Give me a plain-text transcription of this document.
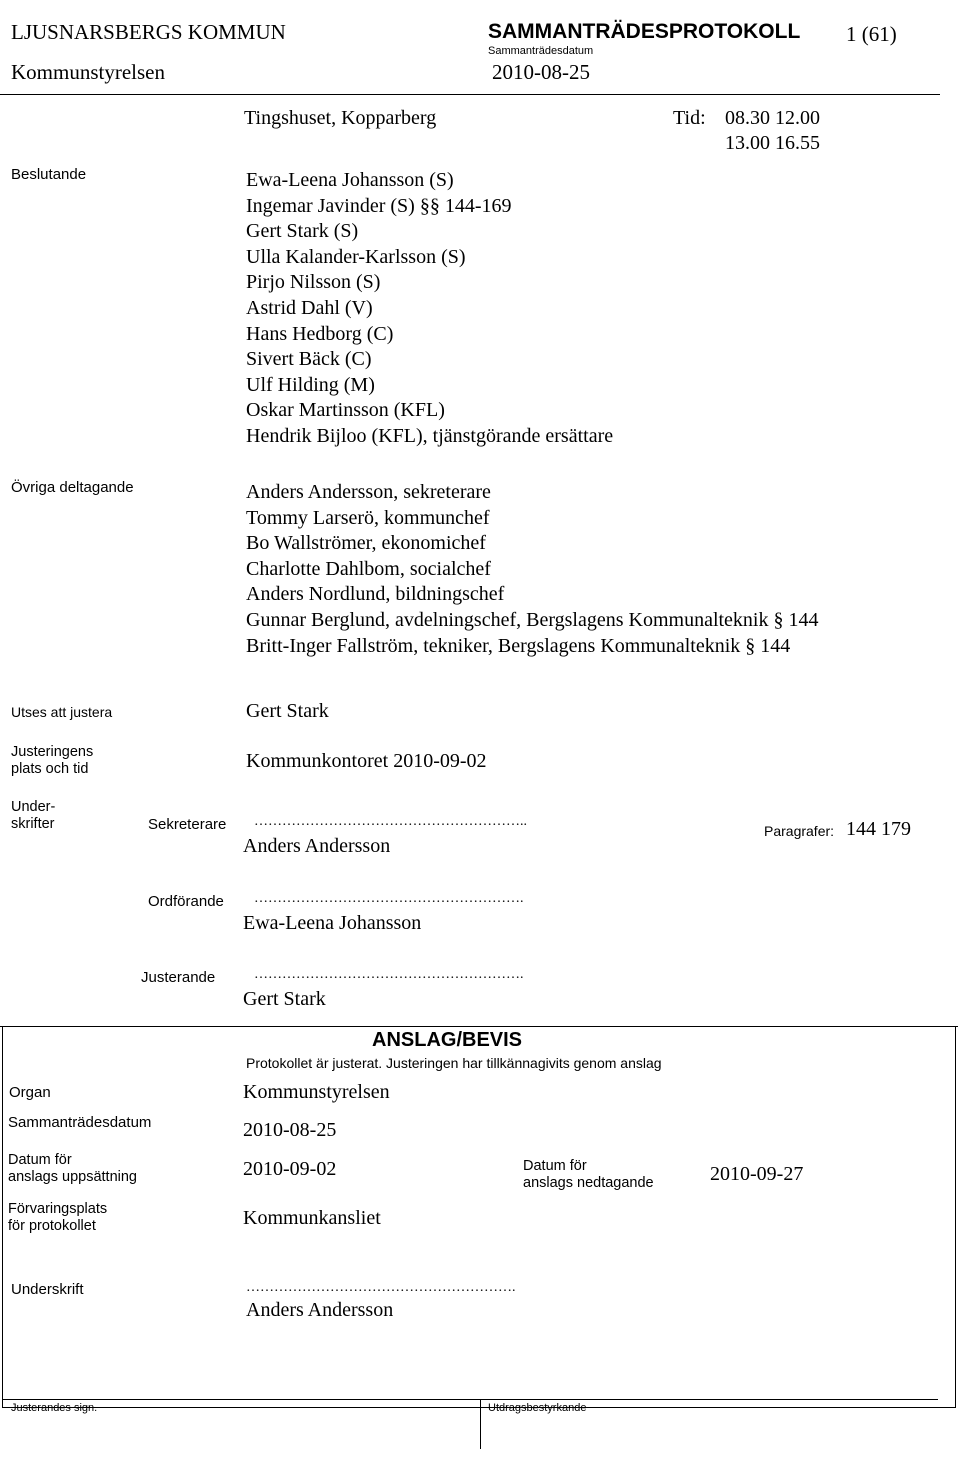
LJUSNARSBERGS KOMMUN
Kommunstyrelsen
SAMMANTRÄDESPROTOKOLL 1 (61)
Sammanträdesdatum
2010-08-25
Tingshuset, Kopparberg	Tid: 08.30 12.00
13.00 16.55
Beslutande	Ewa-Leena Johansson (S)
Ingemar Javinder (S) §§ 144-169
Gert Stark (S)
Ulla Kalander-Karlsson (S)
Pirjo Nilsson (S)
Astrid Dahl (V)
Hans Hedborg (C)
Sivert Bäck (C)
Ulf Hilding (M)
Oskar Martinsson (KFL)
Hendrik Bijloo (KFL), tjänstgörande ersättare
Övriga deltagande	Anders Andersson, sekreterare
Tommy Larserö, kommunchef
Bo Wallströmer, ekonomichef
Charlotte Dahlbom, socialchef
Anders Nordlund, bildningschef
Gunnar Berglund, avdelningschef, Bergslagens Kommunalteknik § 144
Britt-Inger Fallström, tekniker, Bergslagens Kommunalteknik § 144
Utses att justera	Gert Stark
Justeringens
plats och tid	Kommunkontoret 2010-09-02
Under-
skrifter	Sekreterare …………………………………………………..
Anders Andersson
Paragrafer: 144 179
Ordförande ………………………………………………….
Ewa-Leena Johansson
Justerande	………………………………………………….
Gert Stark
ANSLAG/BEVIS
Protokollet är justerat. Justeringen har tillkännagivits genom anslag
Organ	Kommunstyrelsen
Sammanträdesdatum	2010-08-25
Datum för
anslags uppsättning	2010-09-02	Datum för
anslags nedtagande	2010-09-27
Förvaringsplats
för protokollet	Kommunkansliet
Underskrift	………………………………………………….
Anders Andersson
Justerandes sign.	Utdragsbestyrkande
